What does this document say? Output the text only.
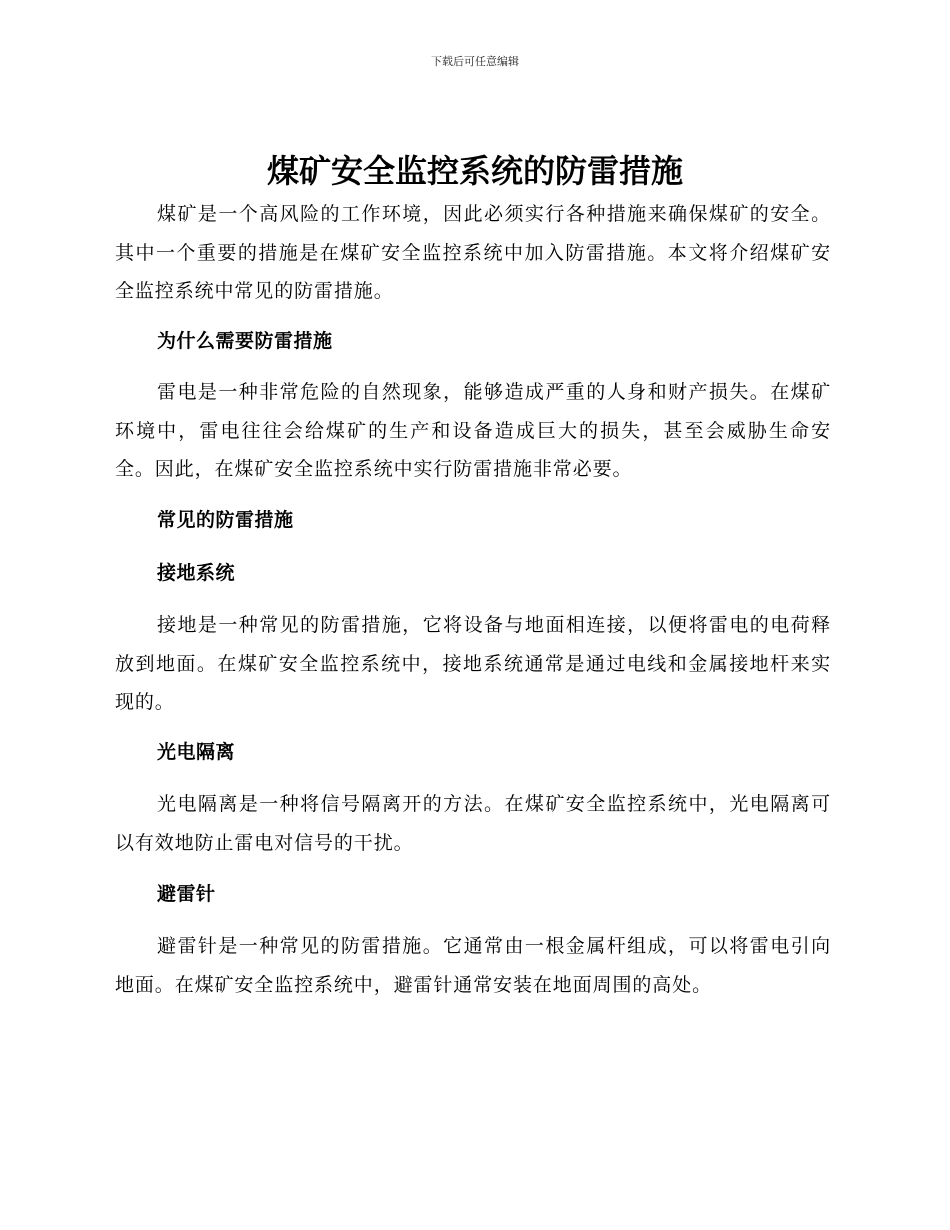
下载后可任意编辑
煤矿安全监控系统的防雷措施

煤矿是一个高风险的工作环境，因此必须实行各种措施来确保煤矿的安全。其中一个重要的措施是在煤矿安全监控系统中加入防雷措施。本文将介绍煤矿安全监控系统中常见的防雷措施。

为什么需要防雷措施

雷电是一种非常危险的自然现象，能够造成严重的人身和财产损失。在煤矿环境中，雷电往往会给煤矿的生产和设备造成巨大的损失，甚至会威胁生命安全。因此，在煤矿安全监控系统中实行防雷措施非常必要。

常见的防雷措施
接地系统

接地是一种常见的防雷措施，它将设备与地面相连接，以便将雷电的电荷释放到地面。在煤矿安全监控系统中，接地系统通常是通过电线和金属接地杆来实现的。

光电隔离

光电隔离是一种将信号隔离开的方法。在煤矿安全监控系统中，光电隔离可以有效地防止雷电对信号的干扰。

避雷针

避雷针是一种常见的防雷措施。它通常由一根金属杆组成，可以将雷电引向地面。在煤矿安全监控系统中，避雷针通常安装在地面周围的高处。
